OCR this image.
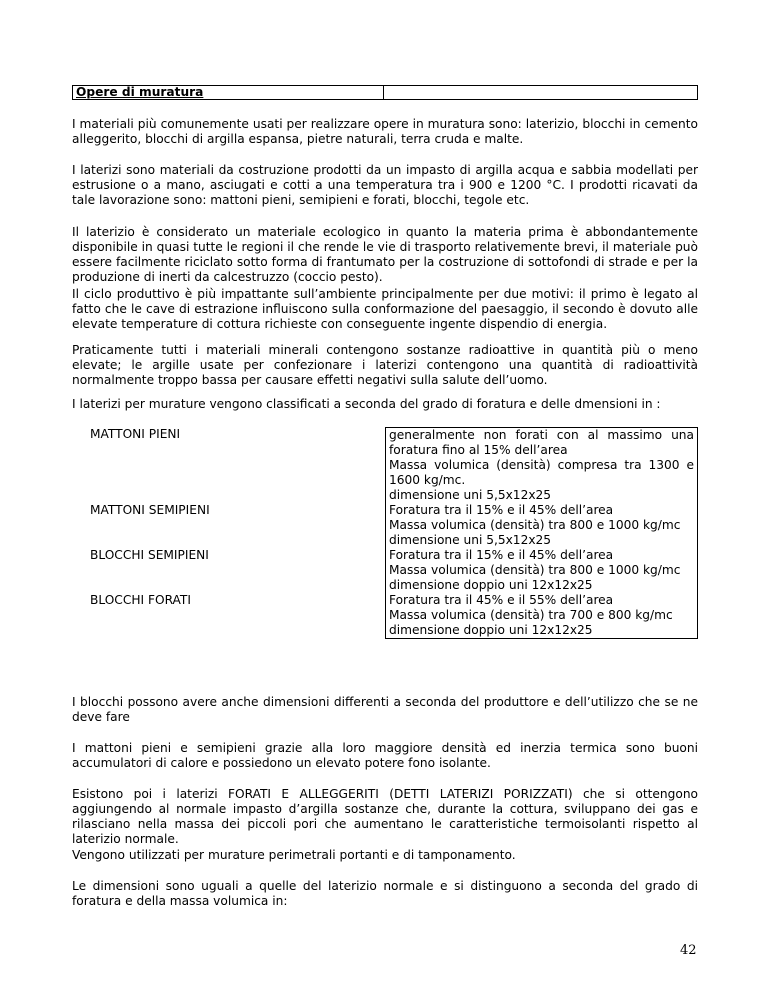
Opere di muratura

I materiali più comunemente usati per realizzare opere in muratura sono: laterizio, blocchi in cemento alleggerito, blocchi di argilla espansa, pietre naturali, terra cruda e malte.

I laterizi sono materiali da costruzione prodotti da un impasto di argilla acqua e sabbia modellati per estrusione o a mano, asciugati e cotti a una temperatura tra i 900 e 1200 °C. I prodotti ricavati da tale lavorazione sono: mattoni pieni, semipieni e forati, blocchi, tegole etc.

Il laterizio è considerato un materiale ecologico in quanto la materia prima è abbondantemente disponibile in quasi tutte le regioni il che rende le vie di trasporto relativemente brevi, il materiale può essere facilmente riciclato sotto forma di frantumato per la costruzione di sottofondi di strade e per la produzione di inerti da calcestruzzo (coccio pesto).

Il ciclo produttivo è più impattante sull’ambiente principalmente per due motivi: il primo è legato al fatto che le cave di estrazione influiscono sulla conformazione del paesaggio, il secondo è dovuto alle elevate temperature di cottura richieste con conseguente ingente dispendio di energia.

Praticamente tutti i materiali minerali contengono sostanze radioattive in quantità più o meno elevate; le argille usate per confezionare i laterizi contengono una quantità di radioattività normalmente troppo bassa per causare effetti negativi sulla salute dell’uomo.

I laterizi per murature vengono classificati a seconda del grado di foratura e delle dmensioni in :

MATTONI PIENI	generalmente non forati con al massimo una foratura fino al 15% dell’area
Massa volumica (densità) compresa tra 1300 e 1600 kg/mc.
dimensione uni 5,5x12x25
MATTONI SEMIPIENI	Foratura tra il 15% e il 45% dell’area
Massa volumica (densità) tra 800 e 1000 kg/mc
dimensione uni 5,5x12x25
BLOCCHI SEMIPIENI	Foratura tra il 15% e il 45% dell’area
Massa volumica (densità) tra 800 e 1000 kg/mc
dimensione doppio uni 12x12x25
BLOCCHI FORATI	Foratura tra il 45% e il 55% dell’area
Massa volumica (densità) tra 700 e 800 kg/mc
dimensione doppio uni 12x12x25

I blocchi possono avere anche dimensioni differenti a seconda del produttore e dell’utilizzo che se ne deve fare

I mattoni pieni e semipieni grazie alla loro maggiore densità ed inerzia termica sono buoni accumulatori di calore e possiedono un elevato potere fono isolante.

Esistono poi i laterizi FORATI E ALLEGGERITI (DETTI LATERIZI PORIZZATI) che si ottengono aggiungendo al normale impasto d’argilla sostanze che, durante la cottura, sviluppano dei gas e rilasciano nella massa dei piccoli pori che aumentano le caratteristiche termoisolanti rispetto al laterizio normale.

Vengono utilizzati per murature perimetrali portanti e di tamponamento.

Le dimensioni sono uguali a quelle del laterizio normale e si distinguono a seconda del grado di foratura e della massa volumica in:

42
